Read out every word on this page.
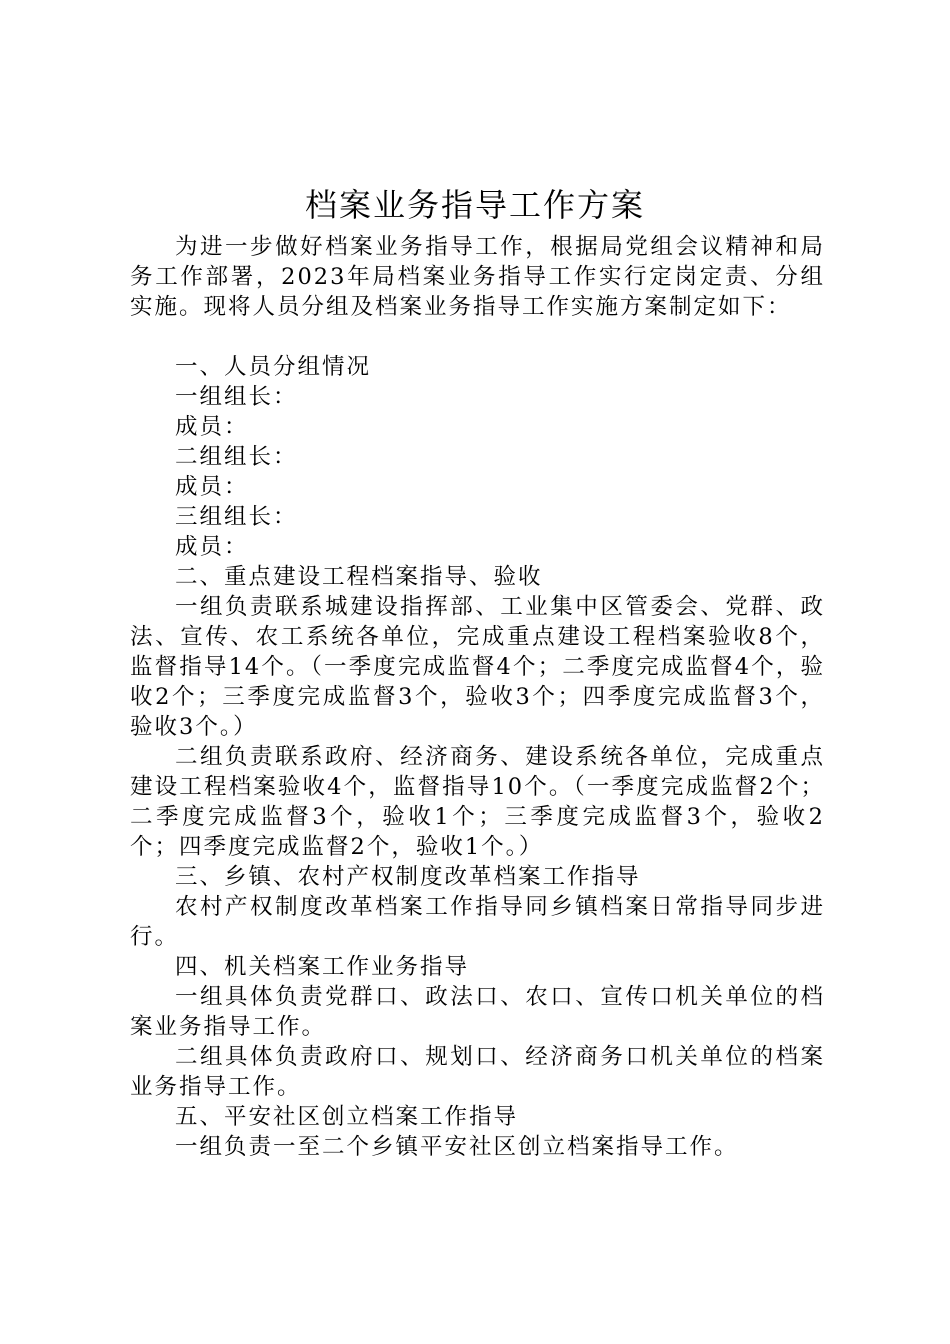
档案业务指导工作方案

为进一步做好档案业务指导工作，根据局党组会议精神和局务工作部署，2023年局档案业务指导工作实行定岗定责、分组实施。现将人员分组及档案业务指导工作实施方案制定如下：

一、人员分组情况

一组组长：

成员：

二组组长：

成员：

三组组长：

成员：

二、重点建设工程档案指导、验收

一组负责联系城建设指挥部、工业集中区管委会、党群、政法、宣传、农工系统各单位，完成重点建设工程档案验收8个，监督指导14个。（一季度完成监督4个；二季度完成监督4个，验收2个；三季度完成监督3个，验收3个；四季度完成监督3个，验收3个。）

二组负责联系政府、经济商务、建设系统各单位，完成重点建设工程档案验收4个，监督指导10个。（一季度完成监督2个；二季度完成监督3个，验收1个；三季度完成监督3个，验收2个；四季度完成监督2个，验收1个。）

三、乡镇、农村产权制度改革档案工作指导

农村产权制度改革档案工作指导同乡镇档案日常指导同步进行。

四、机关档案工作业务指导

一组具体负责党群口、政法口、农口、宣传口机关单位的档案业务指导工作。

二组具体负责政府口、规划口、经济商务口机关单位的档案业务指导工作。

五、平安社区创立档案工作指导

一组负责一至二个乡镇平安社区创立档案指导工作。
